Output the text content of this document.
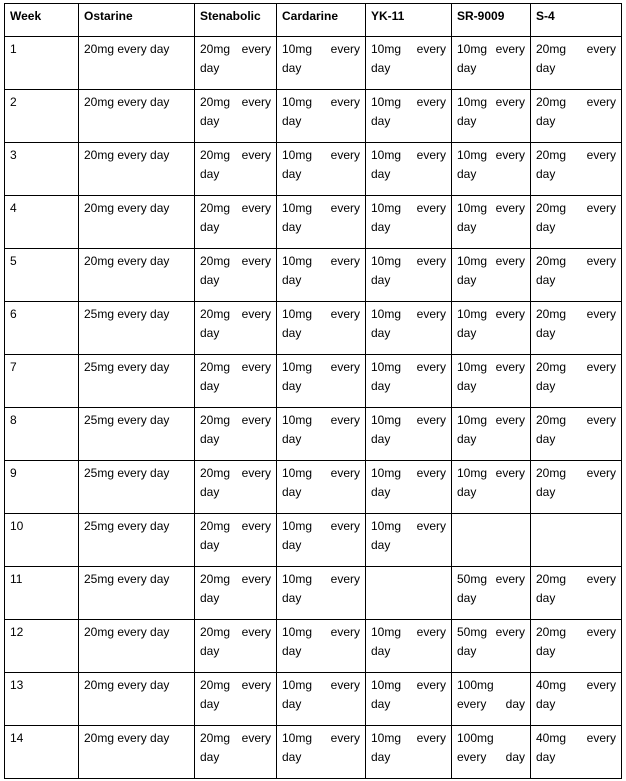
Week	Ostarine	Stenabolic	Cardarine	YK-11	SR-9009	S-4
1	20mg every day	20mg every day	10mg every day	10mg every day	10mg every day	20mg every day
2	20mg every day	20mg every day	10mg every day	10mg every day	10mg every day	20mg every day
3	20mg every day	20mg every day	10mg every day	10mg every day	10mg every day	20mg every day
4	20mg every day	20mg every day	10mg every day	10mg every day	10mg every day	20mg every day
5	20mg every day	20mg every day	10mg every day	10mg every day	10mg every day	20mg every day
6	25mg every day	20mg every day	10mg every day	10mg every day	10mg every day	20mg every day
7	25mg every day	20mg every day	10mg every day	10mg every day	10mg every day	20mg every day
8	25mg every day	20mg every day	10mg every day	10mg every day	10mg every day	20mg every day
9	25mg every day	20mg every day	10mg every day	10mg every day	10mg every day	20mg every day
10	25mg every day	20mg every day	10mg every day	10mg every day		
11	25mg every day	20mg every day	10mg every day		50mg every day	20mg every day
12	20mg every day	20mg every day	10mg every day	10mg every day	50mg every day	20mg every day
13	20mg every day	20mg every day	10mg every day	10mg every day	100mg every day	40mg every day
14	20mg every day	20mg every day	10mg every day	10mg every day	100mg every day	40mg every day
